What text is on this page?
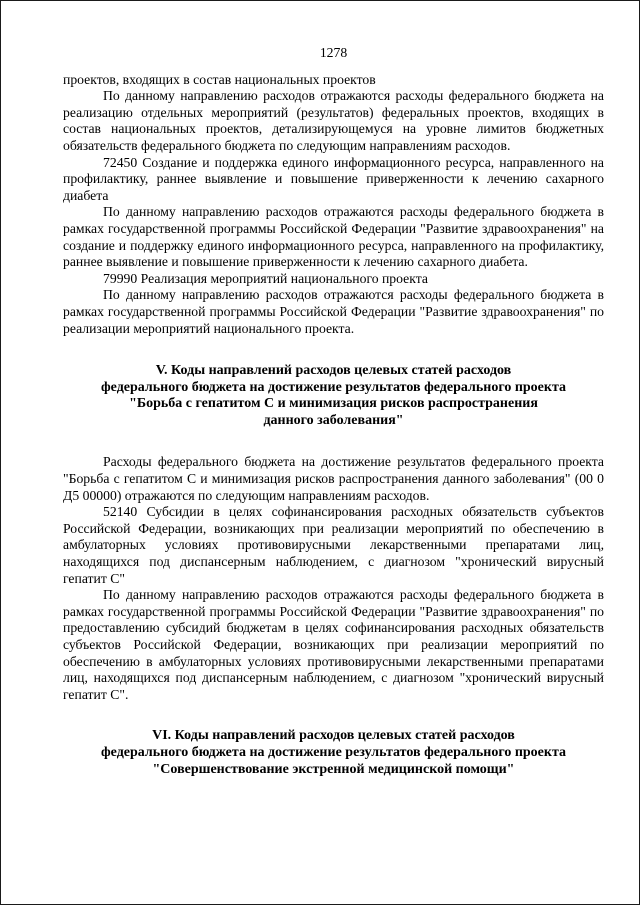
1278

проектов, входящих в состав национальных проектов

По данному направлению расходов отражаются расходы федерального бюджета на реализацию отдельных мероприятий (результатов) федеральных проектов, входящих в состав национальных проектов, детализирующемуся на уровне лимитов бюджетных обязательств федерального бюджета по следующим направлениям расходов.

72450 Создание и поддержка единого информационного ресурса, направленного на профилактику, раннее выявление и повышение приверженности к лечению сахарного диабета

По данному направлению расходов отражаются расходы федерального бюджета в рамках государственной программы Российской Федерации "Развитие здравоохранения" на создание и поддержку единого информационного ресурса, направленного на профилактику, раннее выявление и повышение приверженности к лечению сахарного диабета.

79990 Реализация мероприятий национального проекта

По данному направлению расходов отражаются расходы федерального бюджета в рамках государственной программы Российской Федерации "Развитие здравоохранения" по реализации мероприятий национального проекта.

V. Коды направлений расходов целевых статей расходов
федерального бюджета на достижение результатов федерального проекта
"Борьба с гепатитом С и минимизация рисков распространения
данного заболевания"

Расходы федерального бюджета на достижение результатов федерального проекта "Борьба с гепатитом С и минимизация рисков распространения данного заболевания" (00 0 Д5 00000) отражаются по следующим направлениям расходов.

52140 Субсидии в целях софинансирования расходных обязательств субъектов Российской Федерации, возникающих при реализации мероприятий по обеспечению в амбулаторных условиях противовирусными лекарственными препаратами лиц, находящихся под диспансерным наблюдением, с диагнозом "хронический вирусный гепатит С"

По данному направлению расходов отражаются расходы федерального бюджета в рамках государственной программы Российской Федерации "Развитие здравоохранения" по предоставлению субсидий бюджетам в целях софинансирования расходных обязательств субъектов Российской Федерации, возникающих при реализации мероприятий по обеспечению в амбулаторных условиях противовирусными лекарственными препаратами лиц, находящихся под диспансерным наблюдением, с диагнозом "хронический вирусный гепатит С".

VI. Коды направлений расходов целевых статей расходов
федерального бюджета на достижение результатов федерального проекта
"Совершенствование экстренной медицинской помощи"
